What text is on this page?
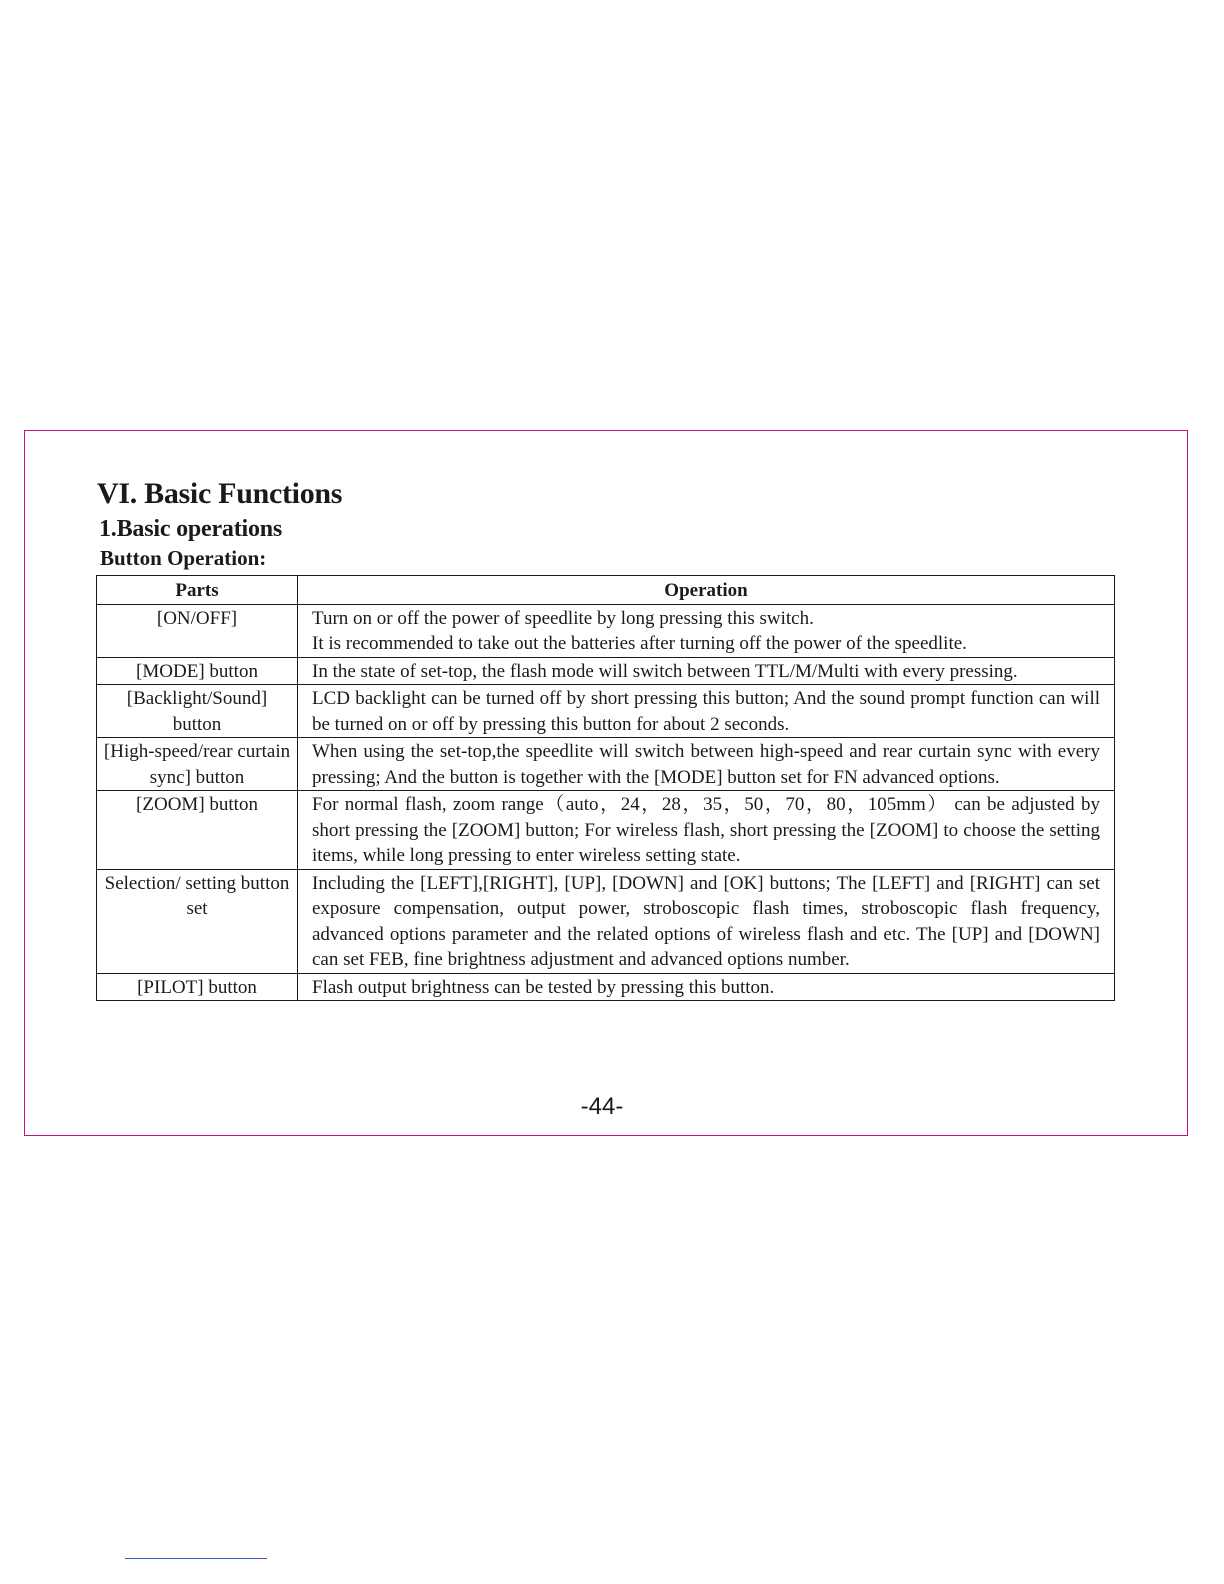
VI. Basic Functions
1.Basic operations
Button Operation:
Parts	Operation
[ON/OFF]	Turn on or off the power of speedlite by long pressing this switch.
It is recommended to take out the batteries after turning off the power of the speedlite.

[MODE] button	In the state of set-top, the flash mode will switch between TTL/M/Multi with every pressing.
[Backlight/Sound] button	LCD backlight can be turned off by short pressing this button; And the sound prompt function can will be turned on or off by pressing this button for about 2 seconds.
[High-speed/rear curtain sync] button	When using the set-top,the speedlite will switch between high-speed and rear curtain sync with every pressing; And the button is together with the [MODE] button set for FN advanced options.
[ZOOM] button	For normal flash, zoom range（auto，24，28，35，50，70，80，105mm） can be adjusted by short pressing the [ZOOM] button; For wireless flash, short pressing the [ZOOM] to choose the setting items, while long pressing to enter wireless setting state.
Selection/ setting button set	Including the [LEFT],[RIGHT], [UP], [DOWN] and [OK] buttons; The [LEFT] and [RIGHT] can set exposure compensation, output power, stroboscopic flash times, stroboscopic flash frequency, advanced options parameter and the related options of wireless flash and etc. The [UP] and [DOWN] can set FEB, fine brightness adjustment and advanced options number.
[PILOT] button	Flash output brightness can be tested by pressing this button.
-44-
